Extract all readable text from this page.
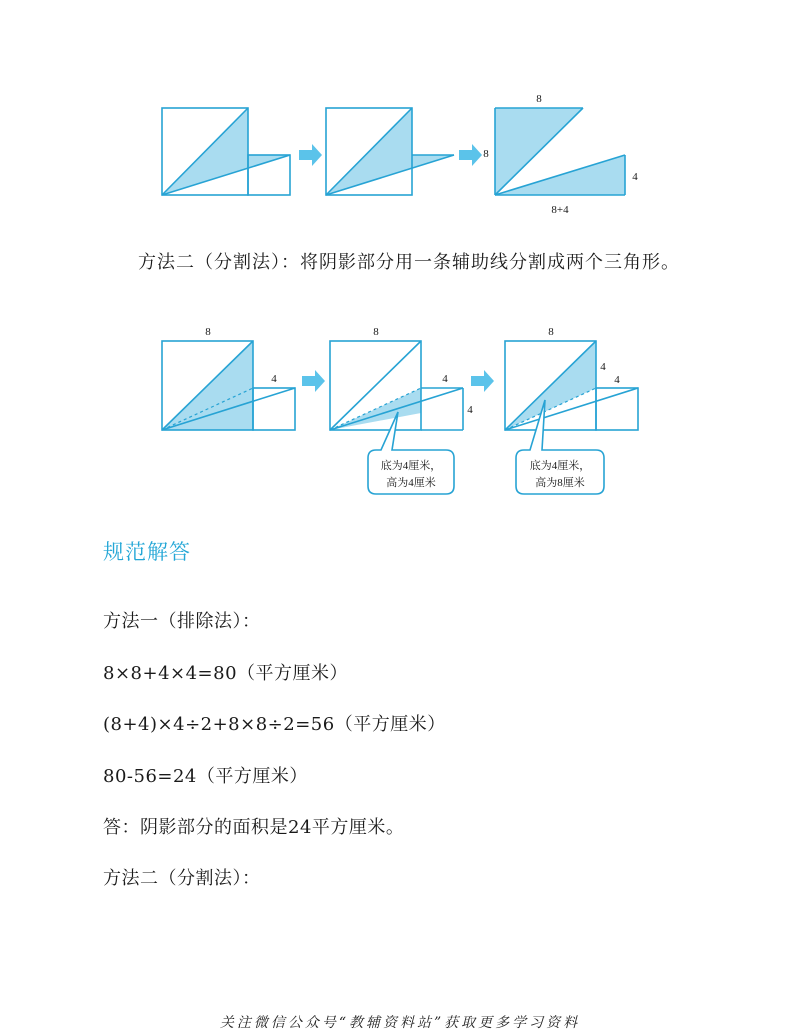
8
8
4
8+4
8
4
8
4
4
底为4厘米，
高为4厘米
8
4
4
底为4厘米，
高为8厘米
方法二（分割法）：将阴影部分用一条辅助线分割成两个三角形。
规范解答
方法一（排除法）：
8×8+4×4=80（平方厘米）
(8+4)×4÷2+8×8÷2=56（平方厘米）
80-56=24（平方厘米）
答：阴影部分的面积是24平方厘米。
方法二（分割法）：
关注微信公众号“教辅资料站”获取更多学习资料
